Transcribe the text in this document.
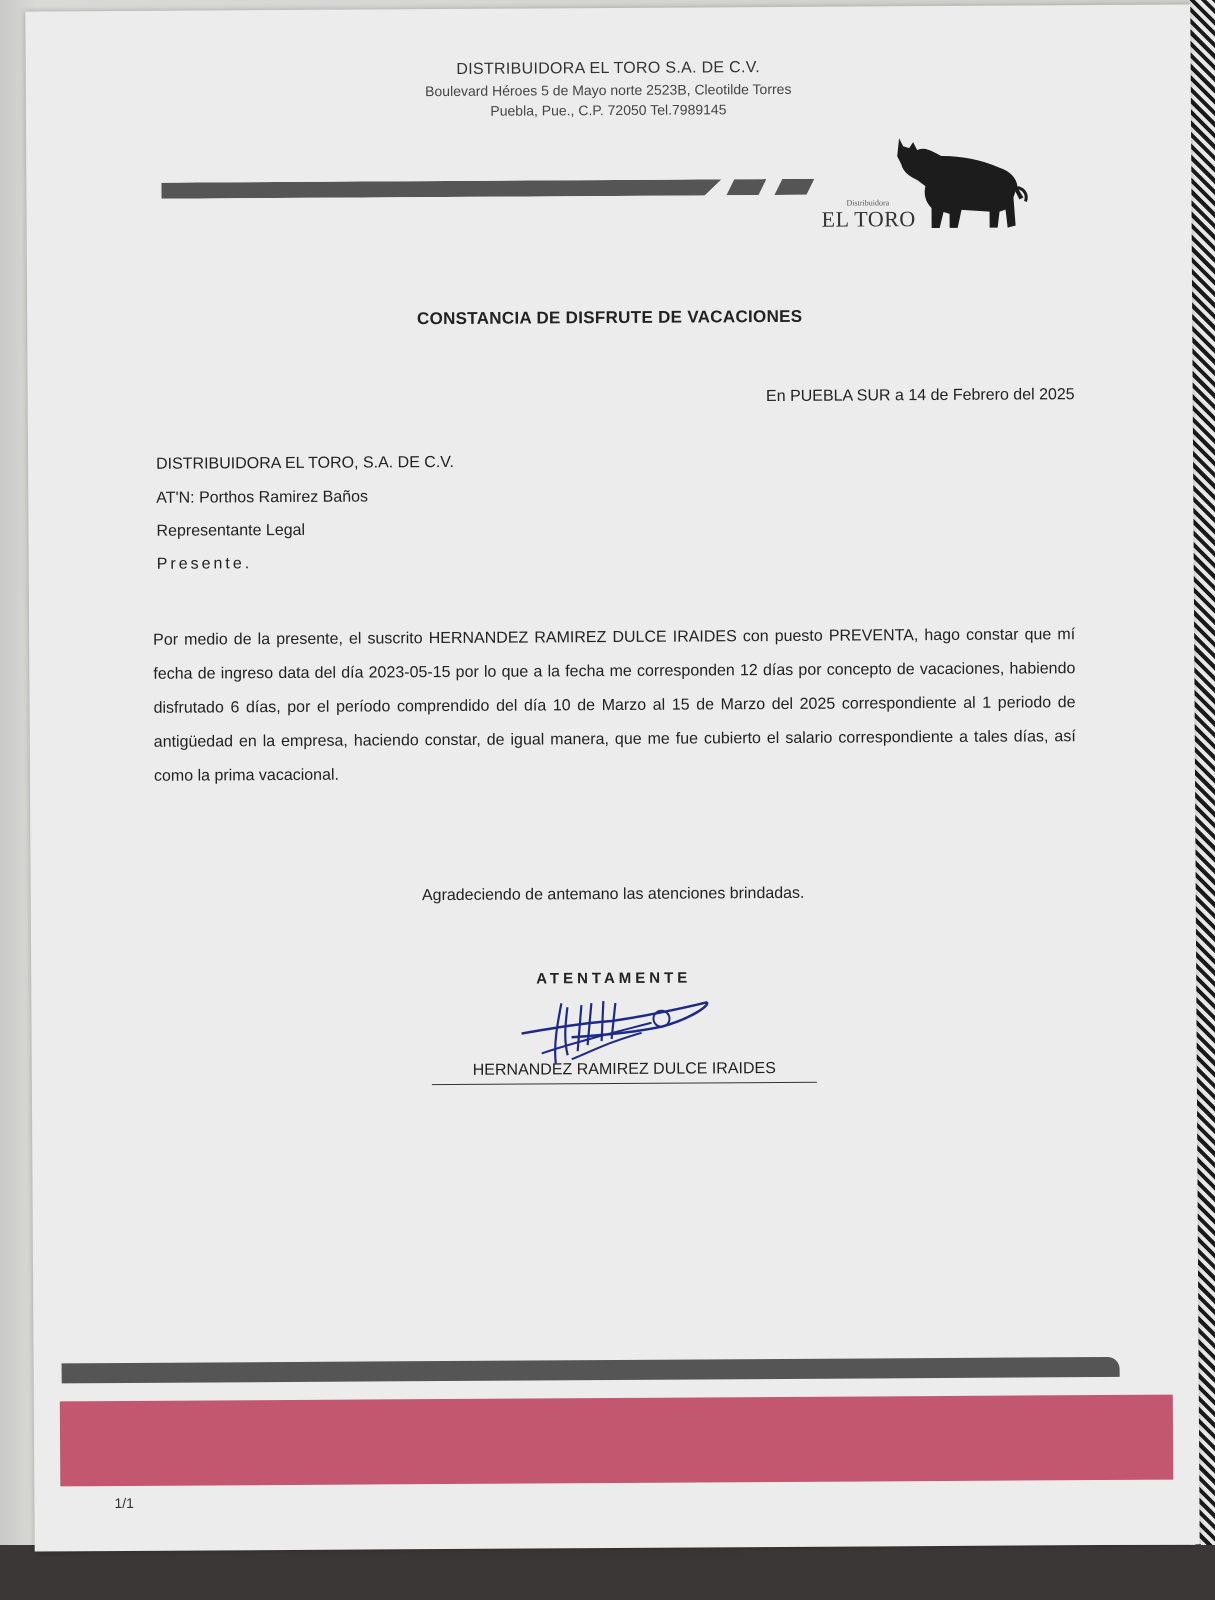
DISTRIBUIDORA EL TORO S.A. DE C.V.
Boulevard Héroes 5 de Mayo norte 2523B, Cleotilde Torres
Puebla, Pue., C.P. 72050 Tel.7989145
Distribuidora
EL TORO
CONSTANCIA DE DISFRUTE DE VACACIONES
En PUEBLA SUR a 14 de Febrero del 2025
DISTRIBUIDORA EL TORO, S.A. DE C.V.
AT'N: Porthos Ramirez Baños
Representante Legal
Presente.
Por medio de la presente, el suscrito HERNANDEZ RAMIREZ DULCE IRAIDES con puesto PREVENTA, hago constar que mí fecha de ingreso data del día 2023-05-15 por lo que a la fecha me corresponden 12 días por concepto de vacaciones, habiendo disfrutado 6 días, por el período comprendido del día 10 de Marzo al 15 de Marzo del 2025 correspondiente al 1 periodo de antigüedad en la empresa, haciendo constar, de igual manera, que me fue cubierto el salario correspondiente a tales días, así como la prima vacacional.
Agradeciendo de antemano las atenciones brindadas.
ATENTAMENTE
HERNANDEZ RAMIREZ DULCE IRAIDES
1/1
